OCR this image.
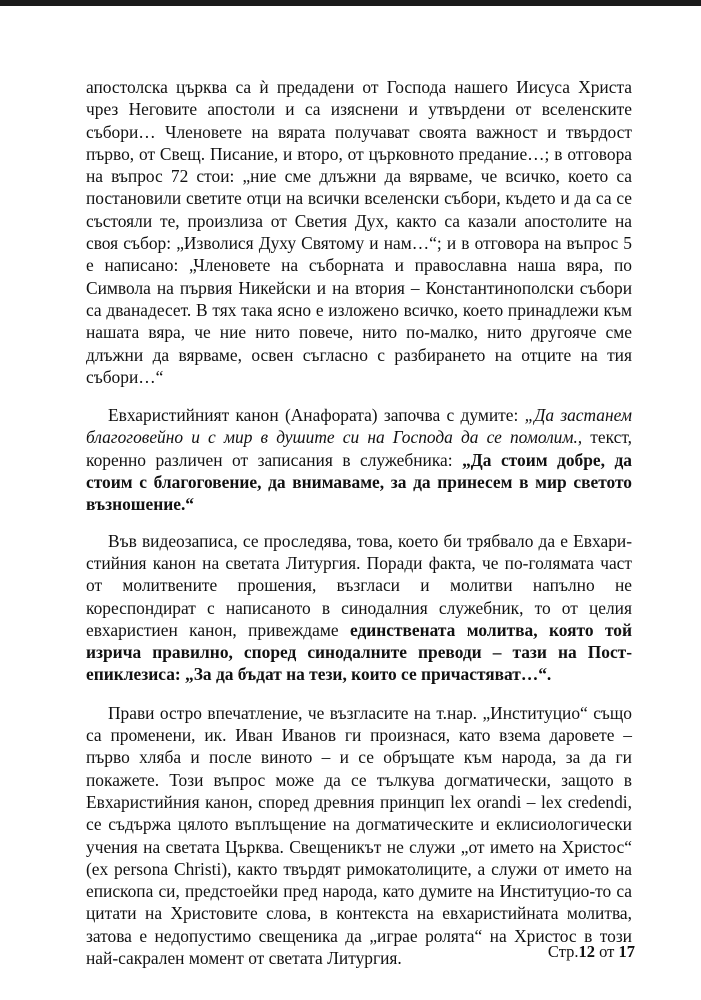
апостолска църква са ѝ предадени от Господа нашего Иисуса Христа чрез Неговите апостоли и са изяснени и утвърдени от вселенските събори… Членовете на вярата получават своята важност и твърдост първо, от Свещ. Писание, и второ, от църковното предание…; в отговора на въпрос 72 стои: „ние сме длъжни да вярваме, че всичко, което са постановили светите отци на всички вселенски събори, където и да са се състояли те, произлиза от Светия Дух, както са казали апостолите на своя събор: „Изволися Духу Святому и нам…“; и в отговора на въпрос 5 е написано: „Членовете на съборната и православна наша вяра, по Символа на първия Никейски и на втория – Константинополски събори са дванадесет. В тях така ясно е изложено всичко, което принадлежи към нашата вяра, че ние нито повече, нито по-малко, нито другояче сме длъжни да вярваме, освен съгласно с разбирането на отците на тия събори…“

Евхаристийният канон (Анафората) започва с думите: „Да застанем благоговейно и с мир в душите си на Господа да се помолим., текст, коренно различен от записания в служебника: „Да стоим добре, да стоим с благоговение, да внимаваме, за да принесем в мир светото възношение.“

Във видеозаписа, се проследява, това, което би трябвало да е Евхаристийния канон на светата Литургия. Поради факта, че по-голямата част от молитвените прошения, възгласи и молитви напълно не кореспондират с написаното в синодалния служебник, то от целия евхаристиен канон, привеждаме единствената молитва, която той изрича правилно, според синодалните преводи – тази на Пост-епиклезиса: „За да бъдат на тези, които се причастяват…“.

Прави остро впечатление, че възгласите на т.нар. „Институцио“ също са променени, ик. Иван Иванов ги произнася, като взема даровете – първо хляба и после виното – и се обръщате към народа, за да ги покажете. Този въпрос може да се тълкува догматически, защото в Евхаристийния канон, според древния принцип lex orandi – lex credendi, се съдържа цялото въплъщение на догматическите и еклисиологически учения на светата Църква. Свещеникът не служи „от името на Христос“ (ex persona Christi), както твърдят римокатолиците, а служи от името на епископа си, предстоейки пред народа, като думите на Институцио-то са цитати на Христовите слова, в контекста на евхаристийната молитва, затова е недопустимо свещеника да „играе ролята“ на Христос в този най-сакрален момент от светата Литургия.	Стр.12 от 17
